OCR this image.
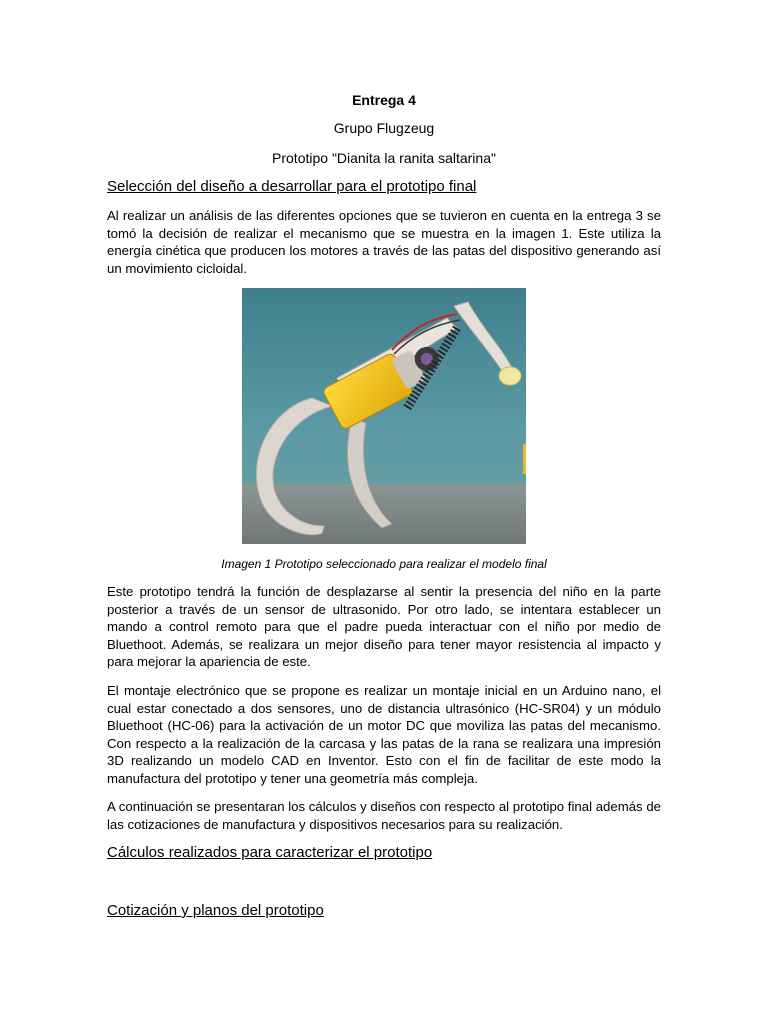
Entrega 4
Grupo Flugzeug
Prototipo "Dianita la ranita saltarina"
Selección del diseño a desarrollar para el prototipo final
Al realizar un análisis de las diferentes opciones que se tuvieron en cuenta en la entrega 3 se tomó la decisión de realizar el mecanismo que se muestra en la imagen 1. Este utiliza la energía cinética que producen los motores a través de las patas del dispositivo generando así un movimiento cicloidal.
Imagen 1 Prototipo seleccionado para realizar el modelo final
Este prototipo tendrá la función de desplazarse al sentir la presencia del niño en la parte posterior a través de un sensor de ultrasonido. Por otro lado, se intentara establecer un mando a control remoto para que el padre pueda interactuar con el niño por medio de Bluethoot. Además, se realizara un mejor diseño para tener mayor resistencia al impacto y para mejorar la apariencia de este.
El montaje electrónico que se propone es realizar un montaje inicial en un Arduino nano, el cual estar conectado a dos sensores, uno de distancia ultrasónico (HC-SR04) y un módulo Bluethoot (HC-06) para la activación de un motor DC que moviliza las patas del mecanismo. Con respecto a la realización de la carcasa y las patas de la rana se realizara una impresión 3D realizando un modelo CAD en Inventor. Esto con el fin de facilitar de este modo la manufactura del prototipo y tener una geometría más compleja.
A continuación se presentaran los cálculos y diseños con respecto al prototipo final además de las cotizaciones de manufactura y dispositivos necesarios para su realización.
Cálculos realizados para caracterizar el prototipo
Cotización y planos del prototipo
